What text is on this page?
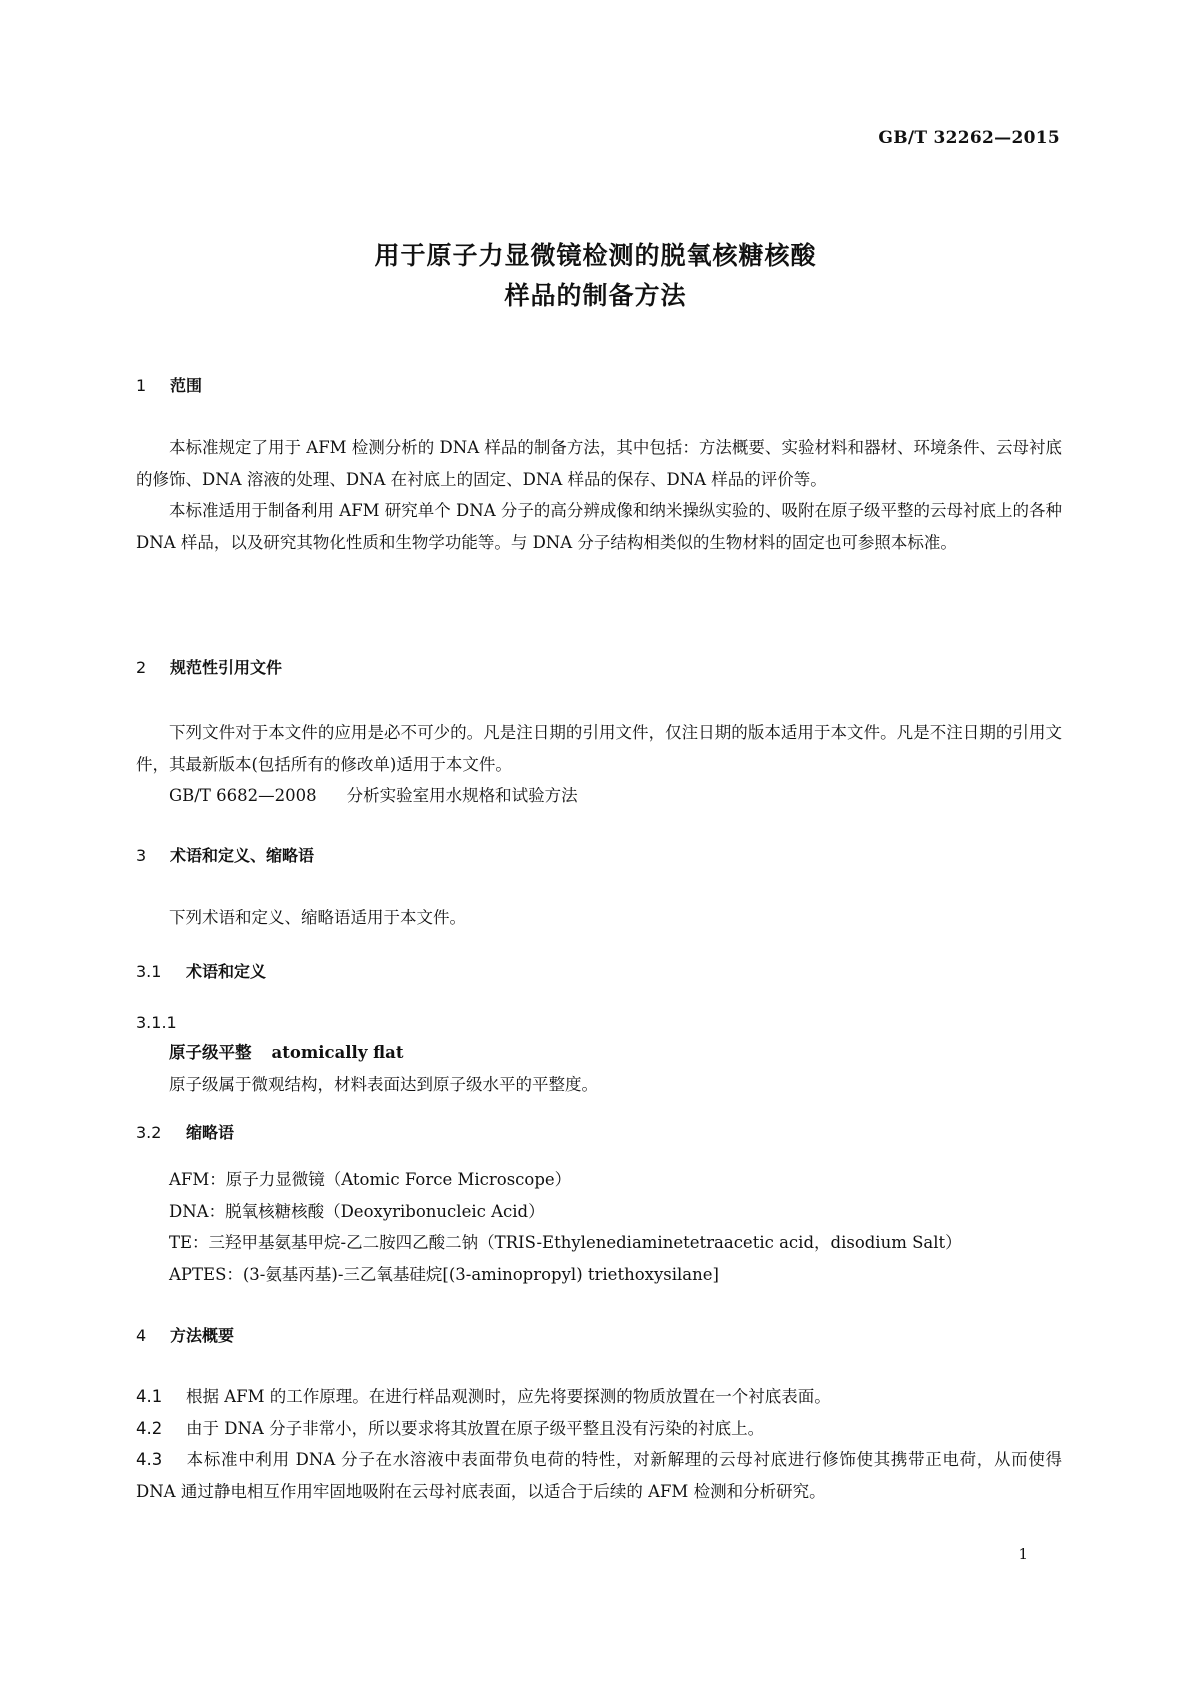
GB/T 32262—2015
用于原子力显微镜检测的脱氧核糖核酸
样品的制备方法
1 范围

本标准规定了用于 AFM 检测分析的 DNA 样品的制备方法，其中包括：方法概要、实验材料和器材、环境条件、云母衬底的修饰、DNA 溶液的处理、DNA 在衬底上的固定、DNA 样品的保存、DNA 样品的评价等。

本标准适用于制备利用 AFM 研究单个 DNA 分子的高分辨成像和纳米操纵实验的、吸附在原子级平整的云母衬底上的各种 DNA 样品，以及研究其物化性质和生物学功能等。与 DNA 分子结构相类似的生物材料的固定也可参照本标准。

2 规范性引用文件

下列文件对于本文件的应用是必不可少的。凡是注日期的引用文件，仅注日期的版本适用于本文件。凡是不注日期的引用文件，其最新版本(包括所有的修改单)适用于本文件。

GB/T 6682—2008 分析实验室用水规格和试验方法

3 术语和定义、缩略语

下列术语和定义、缩略语适用于本文件。

3.1 术语和定义
3.1.1

原子级平整 atomically flat

原子级属于微观结构，材料表面达到原子级水平的平整度。

3.2 缩略语

AFM：原子力显微镜（Atomic Force Microscope）

DNA：脱氧核糖核酸（Deoxyribonucleic Acid）

TE：三羟甲基氨基甲烷-乙二胺四乙酸二钠（TRIS-Ethylenediaminetetraacetic acid，disodium Salt）

APTES：(3-氨基丙基)-三乙氧基硅烷[(3-aminopropyl) triethoxysilane]

4 方法概要

4.1 根据 AFM 的工作原理。在进行样品观测时，应先将要探测的物质放置在一个衬底表面。

4.2 由于 DNA 分子非常小，所以要求将其放置在原子级平整且没有污染的衬底上。

4.3 本标准中利用 DNA 分子在水溶液中表面带负电荷的特性，对新解理的云母衬底进行修饰使其携带正电荷，从而使得 DNA 通过静电相互作用牢固地吸附在云母衬底表面，以适合于后续的 AFM 检测和分析研究。

1
